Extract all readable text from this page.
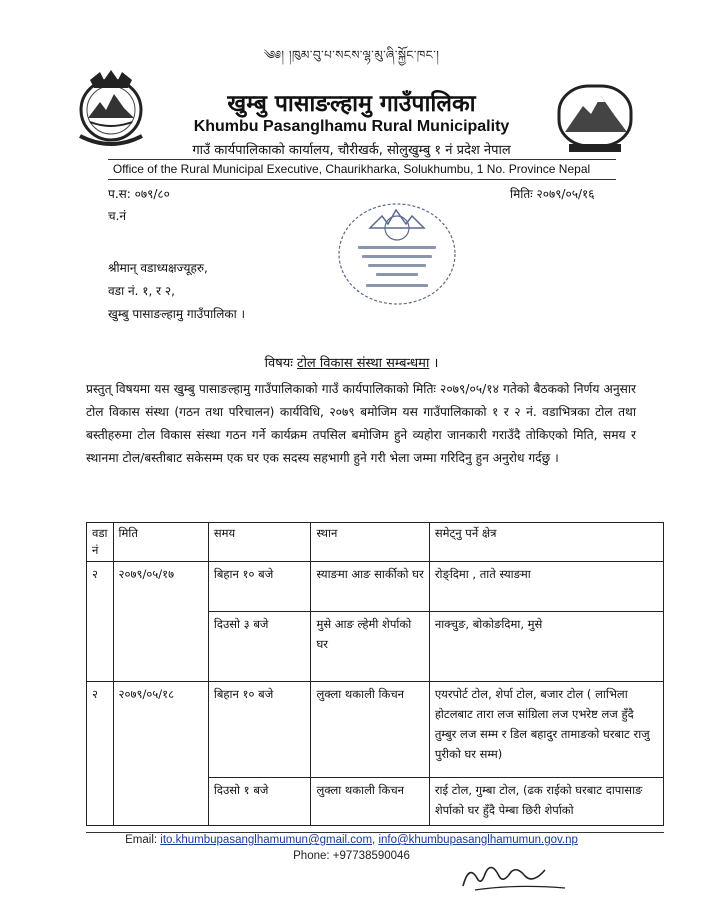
༄༅། །ཁུམ་བུ་པ་སངས་ལྷ་མུ་ཞི་སྐྱོང་ཁང་།
खुम्बु पासाङल्हामु गाउँपालिका
Khumbu Pasanglhamu Rural Municipality
गाउँ कार्यपालिकाको कार्यालय, चौरीखर्क, सोलुखुम्बु १ नं प्रदेश नेपाल
Office of the Rural Municipal Executive, Chaurikharka, Solukhumbu, 1 No. Province Nepal
प.स: ०७९/८०
च.नं
मितिः २०७९/०५/१६
श्रीमान् वडाध्यक्षज्यूहरु,
वडा नं. १, र २,
खुम्बु पासाङल्हामु गाउँपालिका ।
विषयः टोल विकास संस्था सम्बन्धमा ।
प्रस्तुत् विषयमा यस खुम्बु पासाङल्हामु गाउँपालिकाको गाउँ कार्यपालिकाको मितिः २०७९/०५/१४ गतेको बैठकको निर्णय अनुसार टोल विकास संस्था (गठन तथा परिचालन) कार्यविधि, २०७९ बमोजिम यस गाउँपालिकाको १ र २ नं. वडाभित्रका टोल तथा बस्तीहरुमा टोल विकास संस्था गठन गर्ने कार्यक्रम तपसिल बमोजिम हुने व्यहोरा जानकारी गराउँदै तोकिएको मिति, समय र स्थानमा टोल/बस्तीबाट सकेसम्म एक घर एक सदस्य सहभागी हुने गरी भेला जम्मा गरिदिनु हुन अनुरोध गर्दछु ।
वडा नं	मिति	समय	स्थान	समेट्नु पर्ने क्षेत्र
२	२०७९/०५/१७	बिहान १० बजे	स्याङमा आङ सार्कीको घर	रोङ्दिमा , ताते स्याङमा
		दिउसो ३ बजे	मुसे आङ ल्हेमी शेर्पाको घर	नाक्चुङ, बोकोङदिमा, मुसे
२	२०७९/०५/१८	बिहान १० बजे	लुक्ला थकाली किचन	एयरपोर्ट टोल, शेर्पा टोल, बजार टोल ( लाभिला होटलबाट तारा लज सांग्रिला लज एभरेष्ट लज हुँदै तुम्बुर लज सम्म र डिल बहादुर तामाङको घरबाट राजु पुरीको घर सम्म)
		दिउसो १ बजे	लुक्ला थकाली किचन	राई टोल, गुम्बा टोल, (ढक राईको घरबाट दापासाङ शेर्पाको घर हुँदै पेम्बा छिरी शेर्पाको
Email: ito.khumbupasanglhamumun@gmail.com, info@khumbupasanglhamumun.gov.np
Phone: +97738590046
